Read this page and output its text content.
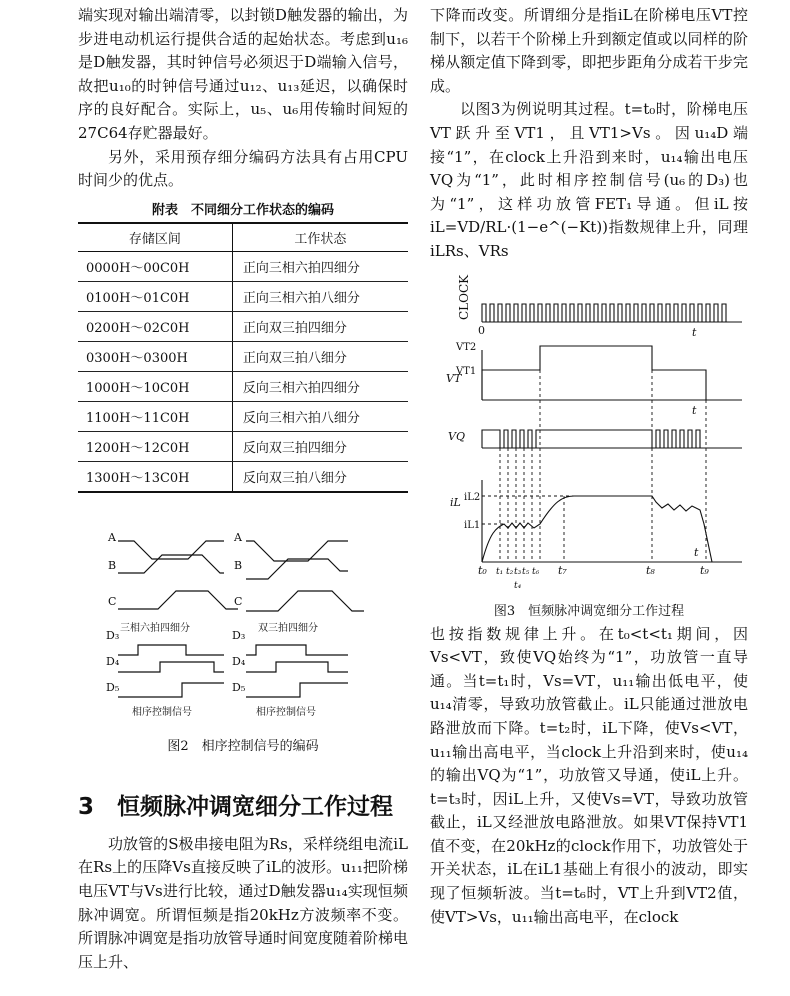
端实现对输出端清零，以封锁D触发器的输出，为步进电动机运行提供合适的起始状态。考虑到u₁₆是D触发器，其时钟信号必须迟于D端输入信号，故把u₁₀的时钟信号通过u₁₂、u₁₃延迟，以确保时序的良好配合。实际上，u₅、u₆用传输时间短的27C64存贮器最好。

另外，采用预存细分编码方法具有占用CPU时间少的优点。

附表　不同细分工作状态的编码
存储区间	工作状态
0000H～00C0H	正向三相六拍四细分
0100H～01C0H	正向三相六拍八细分
0200H～02C0H	正向双三拍四细分
0300H～0300H	正向双三拍八细分
1000H～10C0H	反向三相六拍四细分
1100H～11C0H	反向三相六拍八细分
1200H～12C0H	反向双三拍四细分
1300H～13C0H	反向双三拍八细分
A
B
C
D₃
D₄
D₅
A
B
C
D₃
D₄
D₅
三相六拍四细分	双三拍四细分
相序控制信号	相序控制信号
图2　相序控制信号的编码
3　恒频脉冲调宽细分工作过程

功放管的S极串接电阻为Rs，采样绕组电流iL在Rs上的压降Vs直接反映了iL的波形。u₁₁把阶梯电压VT与Vs进行比较，通过D触发器u₁₄实现恒频脉冲调宽。所谓恒频是指20kHz方波频率不变。所谓脉冲调宽是指功放管导通时间宽度随着阶梯电压上升、

下降而改变。所谓细分是指iL在阶梯电压VT控制下，以若干个阶梯上升到额定值或以同样的阶梯从额定值下降到零，即把步距角分成若干步完成。

以图3为例说明其过程。t=t₀时，阶梯电压VT跃升至VT1，且VT1>Vs。因u₁₄D端接“1”，在clock上升沿到来时，u₁₄输出电压VQ为“1”，此时相序控制信号(u₆的D₃)也为“1”，这样功放管FET₁导通。但iL按iL=VD/RL·(1−e^(−Kt))指数规律上升，同理iLRs、VRs

CLOCK
0	t
VT
VT2
VT1
t
VQ
iL iL2
iL1
t
t₀ t₁ t₂ t₃ t₅ t₆ t₇	t₈	t₉
t₄
图3　恒频脉冲调宽细分工作过程

也按指数规律上升。在t₀<t<t₁期间，因Vs<VT，致使VQ始终为“1”，功放管一直导通。当t=t₁时，Vs=VT，u₁₁输出低电平，使u₁₄清零，导致功放管截止。iL只能通过泄放电路泄放而下降。t=t₂时，iL下降，使Vs<VT，u₁₁输出高电平，当clock上升沿到来时，使u₁₄的输出VQ为“1”，功放管又导通，使iL上升。t=t₃时，因iL上升，又使Vs=VT，导致功放管截止，iL又经泄放电路泄放。如果VT保持VT1值不变，在20kHz的clock作用下，功放管处于开关状态，iL在iL1基础上有很小的波动，即实现了恒频斩波。当t=t₆时，VT上升到VT2值，使VT>Vs，u₁₁输出高电平，在clock
